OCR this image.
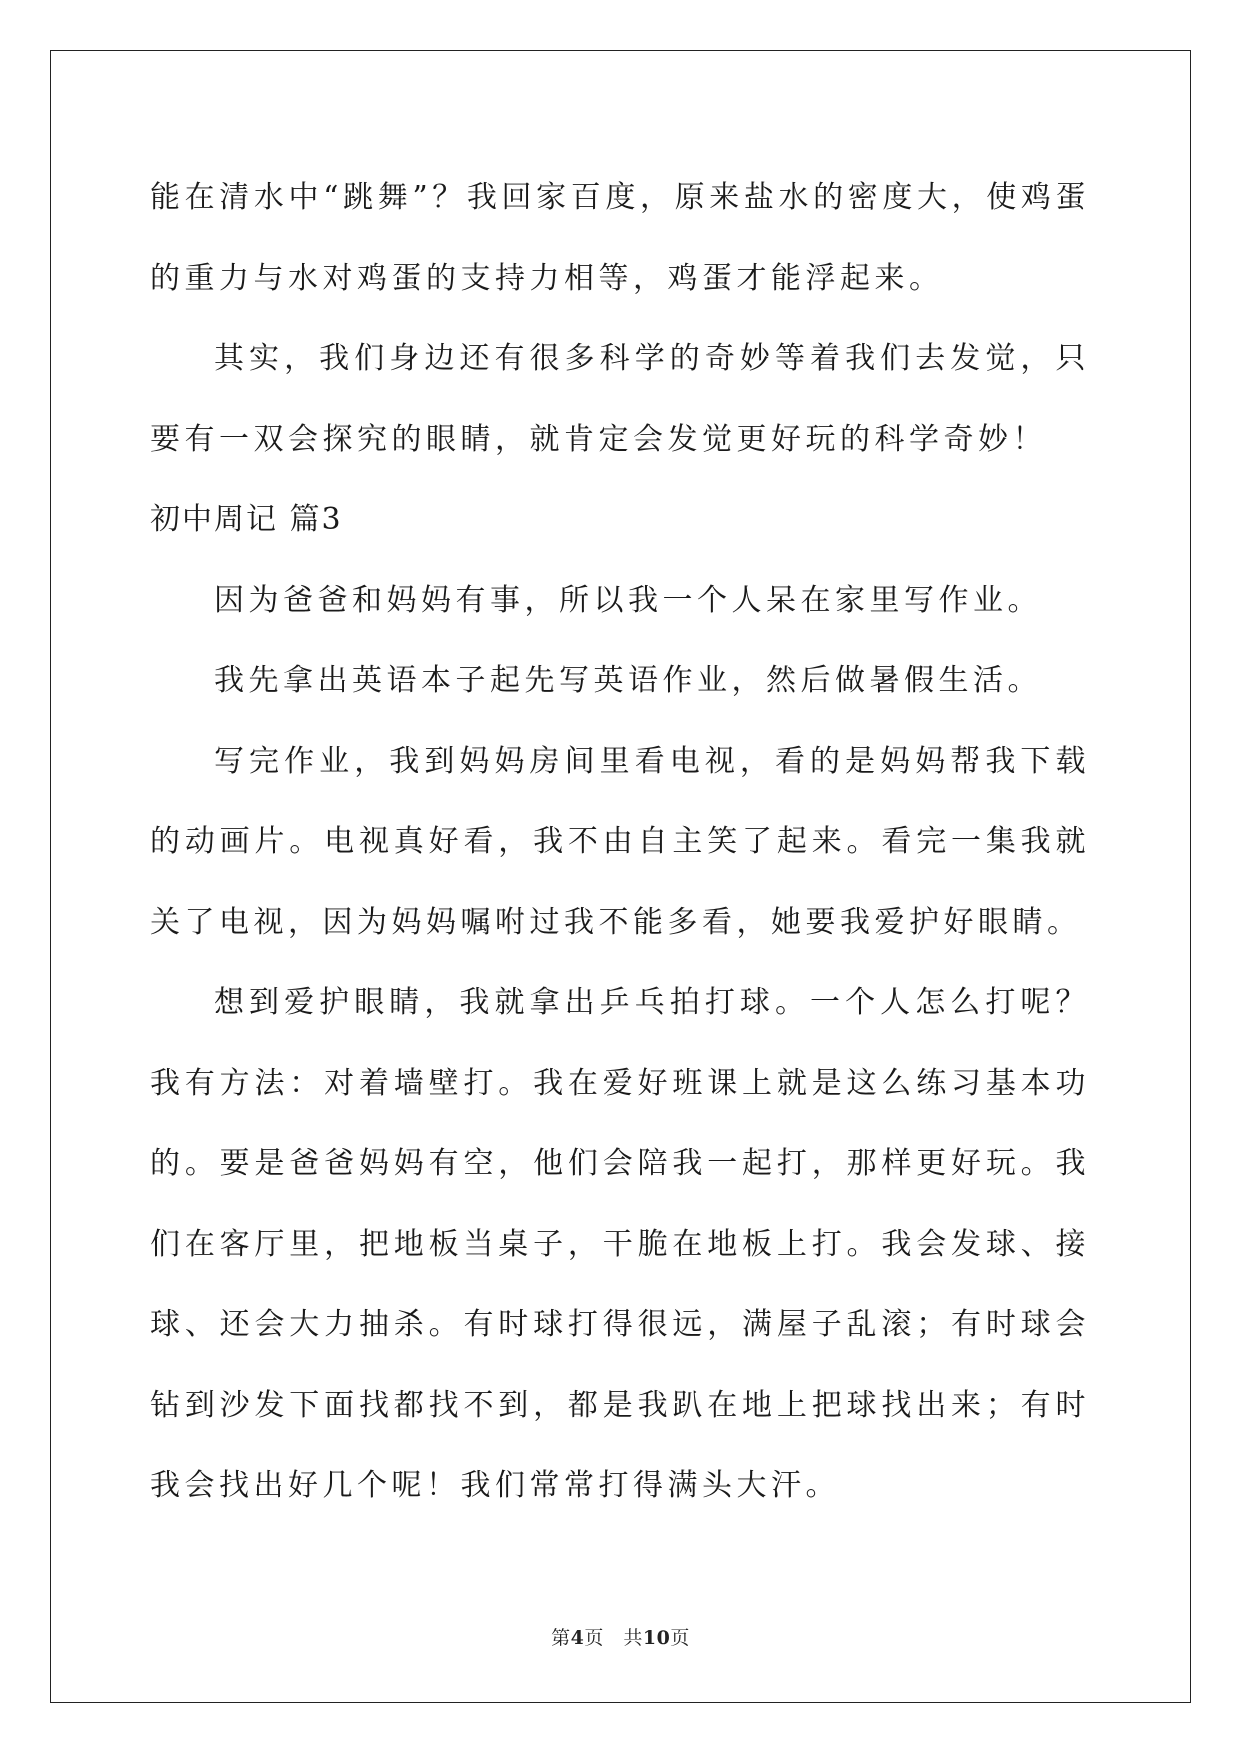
能在清水中“跳舞”？我回家百度，原来盐水的密度大，使鸡蛋的重力与水对鸡蛋的支持力相等，鸡蛋才能浮起来。

其实，我们身边还有很多科学的奇妙等着我们去发觉，只要有一双会探究的眼睛，就肯定会发觉更好玩的科学奇妙！

初中周记 篇3

因为爸爸和妈妈有事，所以我一个人呆在家里写作业。

我先拿出英语本子起先写英语作业，然后做暑假生活。

写完作业，我到妈妈房间里看电视，看的是妈妈帮我下载的动画片。电视真好看，我不由自主笑了起来。看完一集我就关了电视，因为妈妈嘱咐过我不能多看，她要我爱护好眼睛。

想到爱护眼睛，我就拿出乒乓拍打球。一个人怎么打呢？我有方法：对着墙壁打。我在爱好班课上就是这么练习基本功的。要是爸爸妈妈有空，他们会陪我一起打，那样更好玩。我们在客厅里，把地板当桌子，干脆在地板上打。我会发球、接球、还会大力抽杀。有时球打得很远，满屋子乱滚；有时球会钻到沙发下面找都找不到，都是我趴在地上把球找出来；有时我会找出好几个呢！我们常常打得满头大汗。

第4页　共10页
